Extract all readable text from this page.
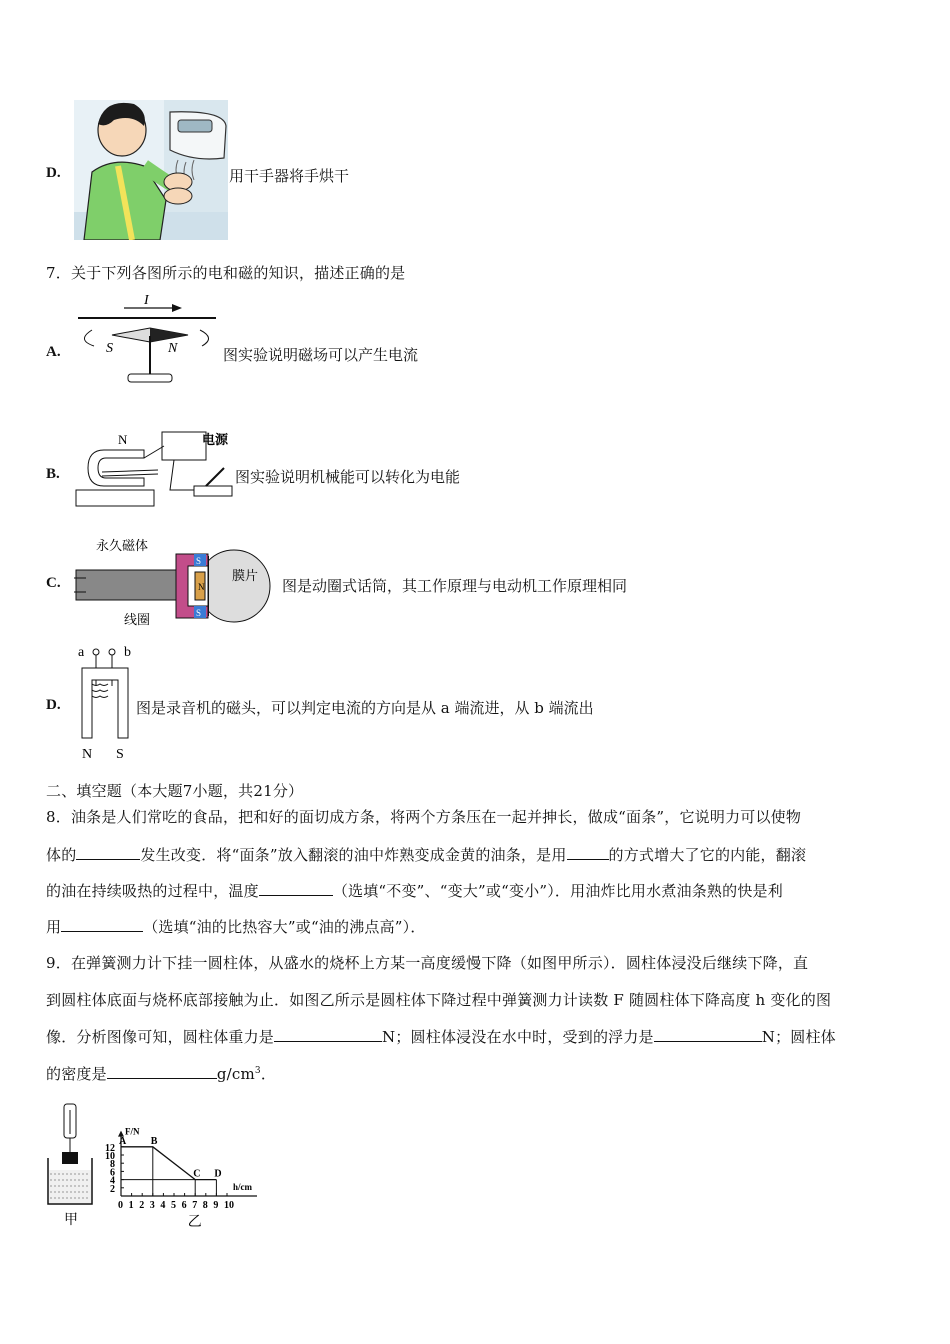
D.	用干手器将手烘干
7．关于下列各图所示的电和磁的知识，描述正确的是
A.
I
S	N	图实验说明磁场可以产生电流
B.
N	电源
图实验说明机械能可以转化为电能
C.
永久磁体
S
N
S
膜片
线圈
图是动圈式话筒，其工作原理与电动机工作原理相同
D.
a	b
N S
图是录音机的磁头，可以判定电流的方向是从 a 端流进，从 b 端流出
二、填空题（本大题7小题，共21分）
8．油条是人们常吃的食品，把和好的面切成方条，将两个方条压在一起并抻长，做成“面条”，它说明力可以使物
体的	发生改变．将“面条”放入翻滚的油中炸熟变成金黄的油条，是用	的方式增大了它的内能，翻滚
的油在持续吸热的过程中，温度	（选填“不变”、“变大”或“变小”）．用油炸比用水煮油条熟的快是利
用	（选填“油的比热容大”或“油的沸点高”）．
9．在弹簧测力计下挂一圆柱体，从盛水的烧杯上方某一高度缓慢下降（如图甲所示）．圆柱体浸没后继续下降，直
到圆柱体底面与烧杯底部接触为止．如图乙所示是圆柱体下降过程中弹簧测力计读数 F 随圆柱体下降高度 h 变化的图
像．分析图像可知，圆柱体重力是	N；圆柱体浸没在水中时，受到的浮力是	N；圆柱体
的密度是	$g/cm^3$．
甲
F/N
h/cm
0 1 2 3 4 5 6 7 8 9 10
2
4
6
8
10
12
A B
C D
乙
